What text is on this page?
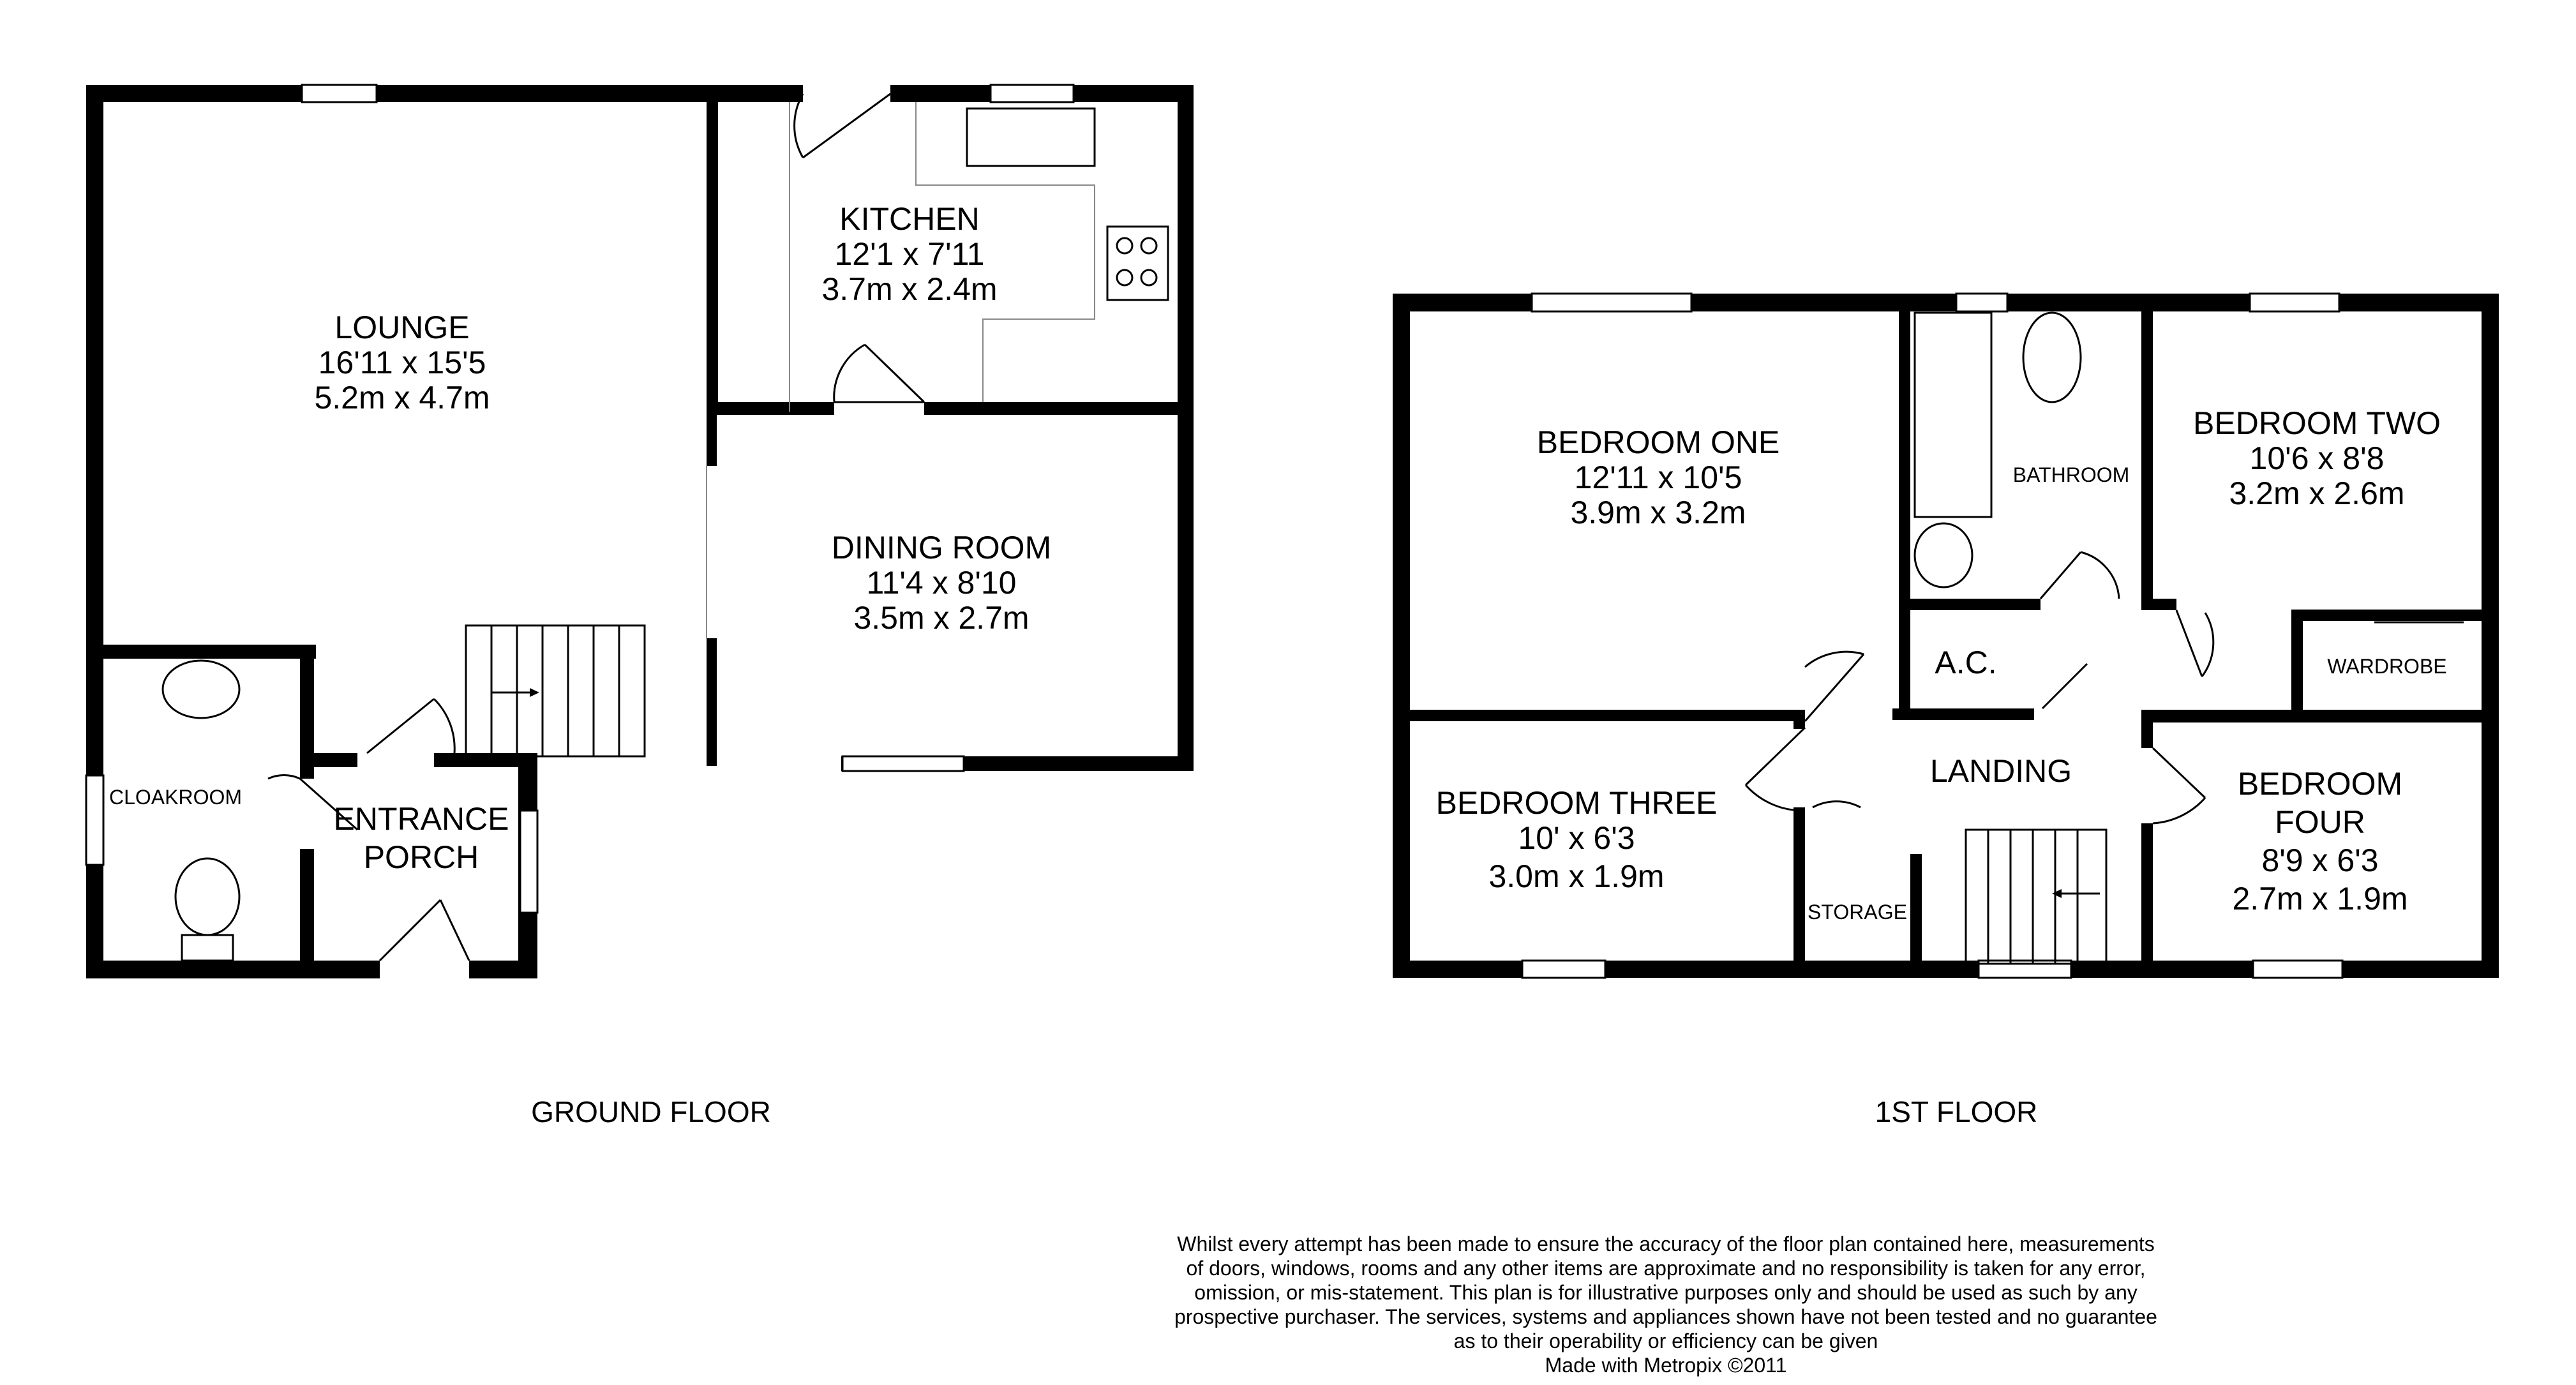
LOUNGE
16'11 x 15'5
5.2m x 4.7m
KITCHEN
12'1 x 7'11
3.7m x 2.4m
DINING ROOM
11'4 x 8'10
3.5m x 2.7m
ENTRANCE
PORCH
CLOAKROOM
GROUND FLOOR
BEDROOM ONE
12'11 x 10'5
3.9m x 3.2m
BEDROOM TWO
10'6 x 8'8
3.2m x 2.6m
BEDROOM THREE
10' x 6'3
3.0m x 1.9m
BEDROOM
FOUR
8'9 x 6'3
2.7m x 1.9m
BATHROOM
A.C.	WARDROBE
LANDING
STORAGE
1ST FLOOR
Whilst every attempt has been made to ensure the accuracy of the floor plan contained here, measurements
of doors, windows, rooms and any other items are approximate and no responsibility is taken for any error,
omission, or mis-statement. This plan is for illustrative purposes only and should be used as such by any
prospective purchaser. The services, systems and appliances shown have not been tested and no guarantee
as to their operability or efficiency can be given
Made with Metropix ©2011
